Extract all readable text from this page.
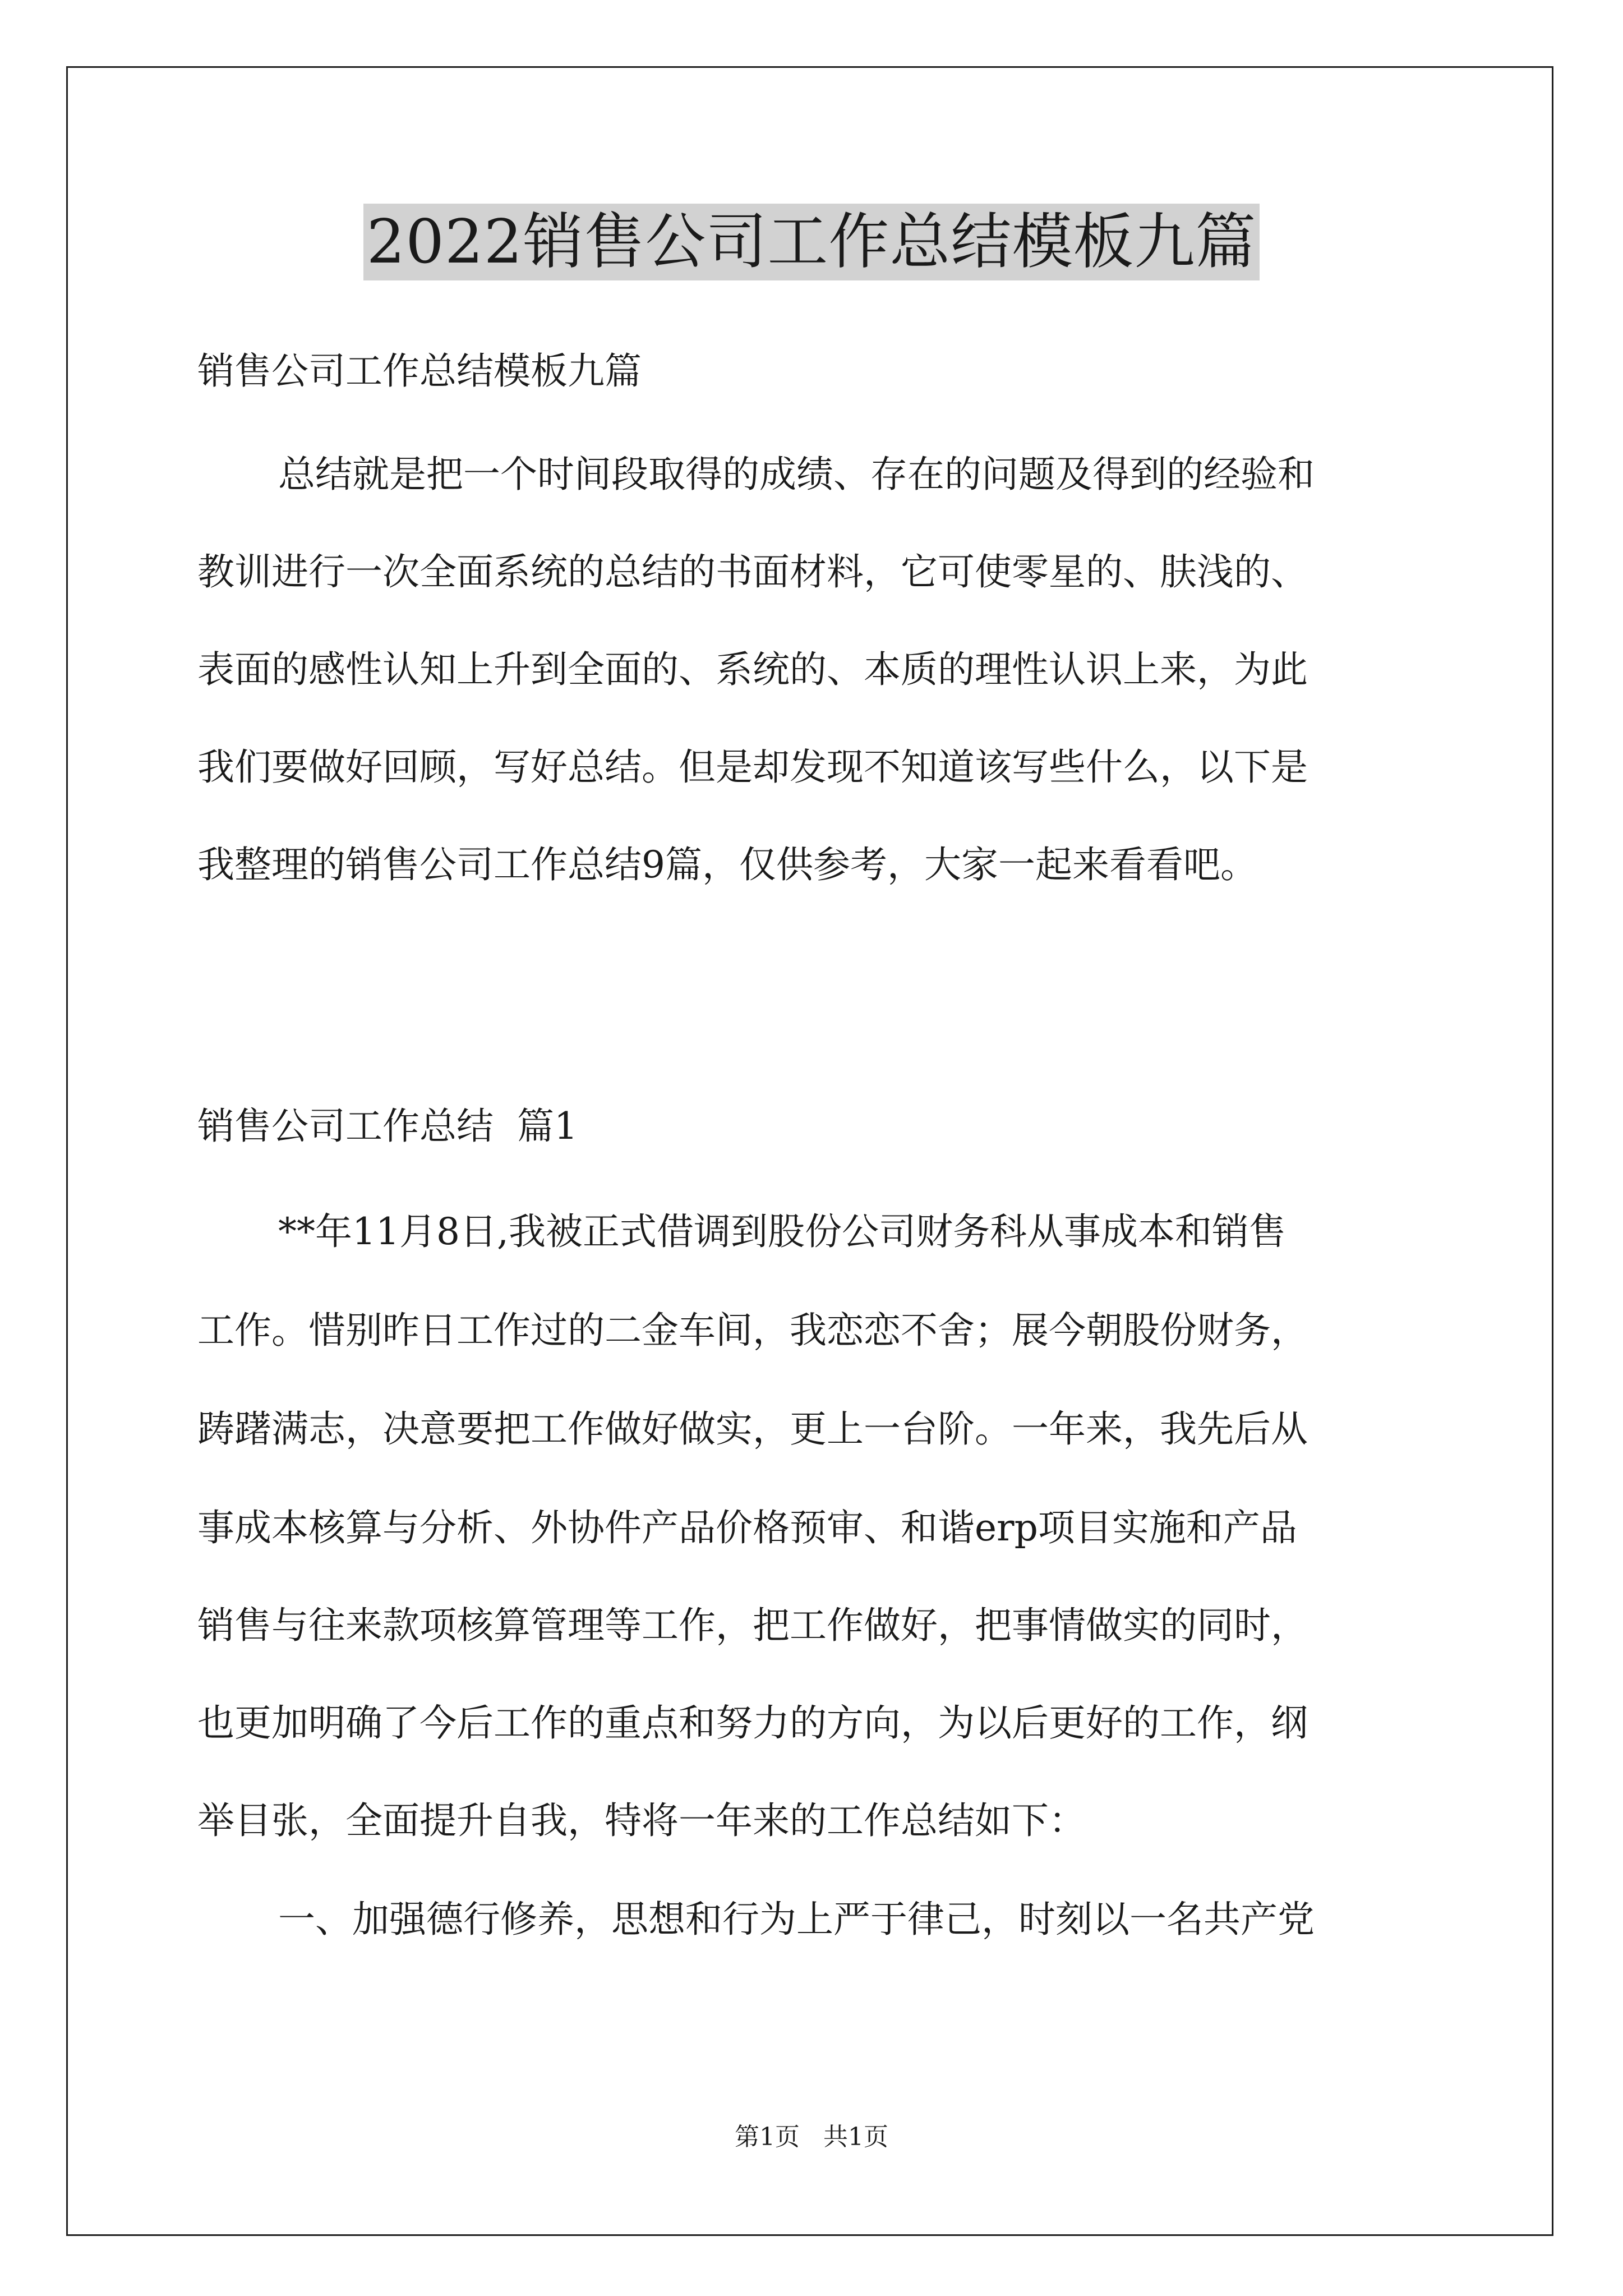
2022销售公司工作总结模板九篇

销售公司工作总结模板九篇

总结就是把一个时间段取得的成绩、存在的问题及得到的经验和

教训进行一次全面系统的总结的书面材料，它可使零星的、肤浅的、

表面的感性认知上升到全面的、系统的、本质的理性认识上来，为此

我们要做好回顾，写好总结。但是却发现不知道该写些什么，以下是

我整理的销售公司工作总结9篇，仅供参考，大家一起来看看吧。

销售公司工作总结  篇1

**年11月8日,我被正式借调到股份公司财务科从事成本和销售

工作。惜别昨日工作过的二金车间，我恋恋不舍；展今朝股份财务，

踌躇满志，决意要把工作做好做实，更上一台阶。一年来，我先后从

事成本核算与分析、外协件产品价格预审、和谐erp项目实施和产品

销售与往来款项核算管理等工作，把工作做好，把事情做实的同时，

也更加明确了今后工作的重点和努力的方向，为以后更好的工作，纲

举目张，全面提升自我，特将一年来的工作总结如下：

一、加强德行修养，思想和行为上严于律己，时刻以一名共产党

第1页   共1页
